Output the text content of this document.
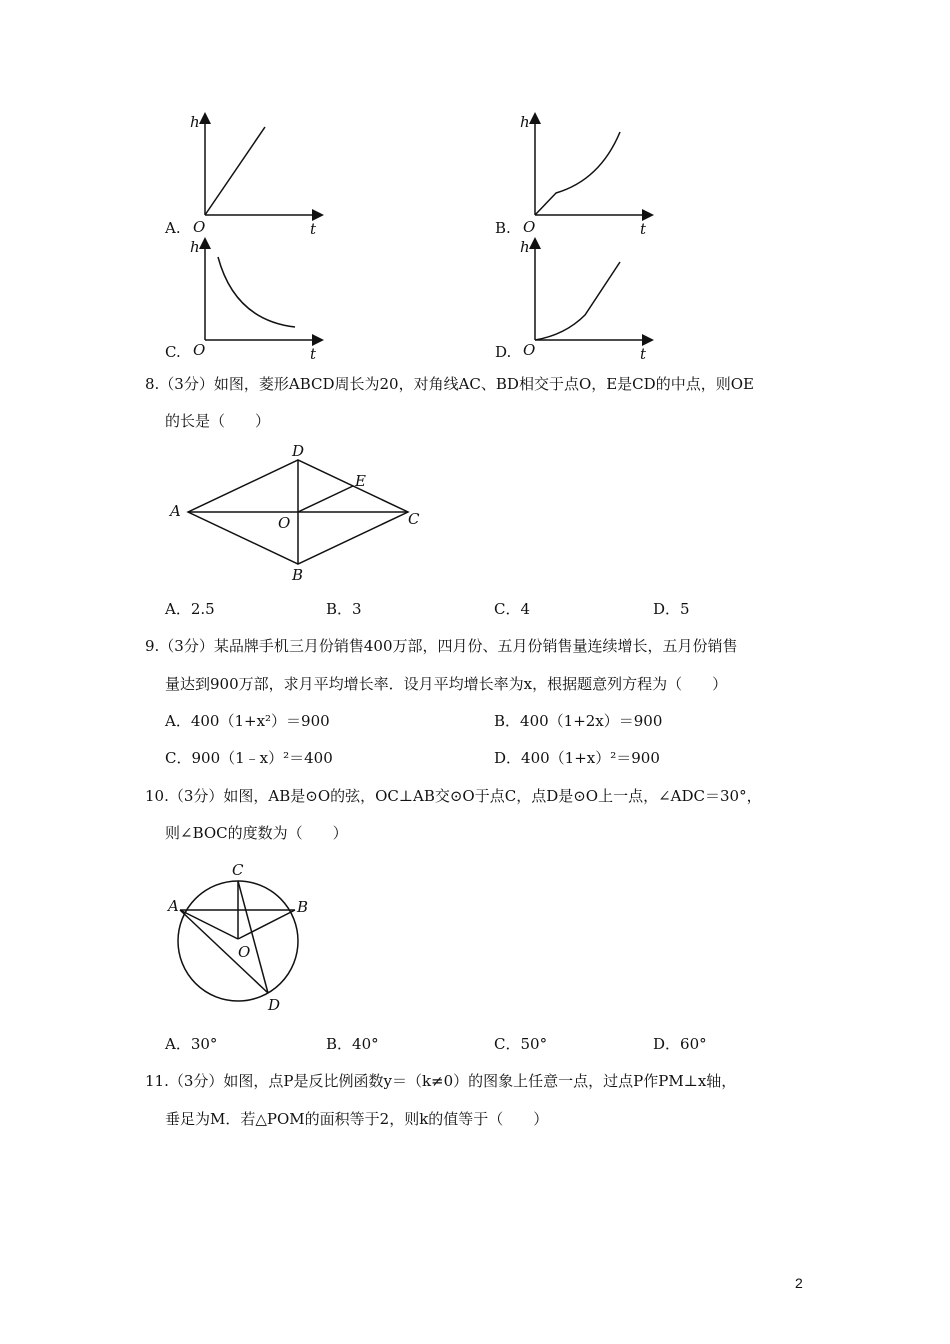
h
t
O
A.
h
t
O
B.
h
t
O
C.
h
t
O
D.
8.（3分）如图，菱形ABCD周长为20，对角线AC、BD相交于点O，E是CD的中点，则OE
的长是（　　）
A
D
E
O	C
B
A．2.5	B．3	C．4	D．5
9.（3分）某品牌手机三月份销售400万部，四月份、五月份销售量连续增长，五月份销售
量达到900万部，求月平均增长率．设月平均增长率为x，根据题意列方程为（　　）
A．400（1+x²）＝900	B．400（1+2x）＝900
C．900（1﹣x）²＝400	D．400（1+x）²＝900
10.（3分）如图，AB是⊙O的弦，OC⊥AB交⊙O于点C，点D是⊙O上一点，∠ADC＝30°，
则∠BOC的度数为（　　）
A
C
B
O
D
A．30°	B．40°	C．50°	D．60°
11.（3分）如图，点P是反比例函数y＝（k≠0）的图象上任意一点，过点P作PM⊥x轴，
垂足为M．若△POM的面积等于2，则k的值等于（　　）
2
